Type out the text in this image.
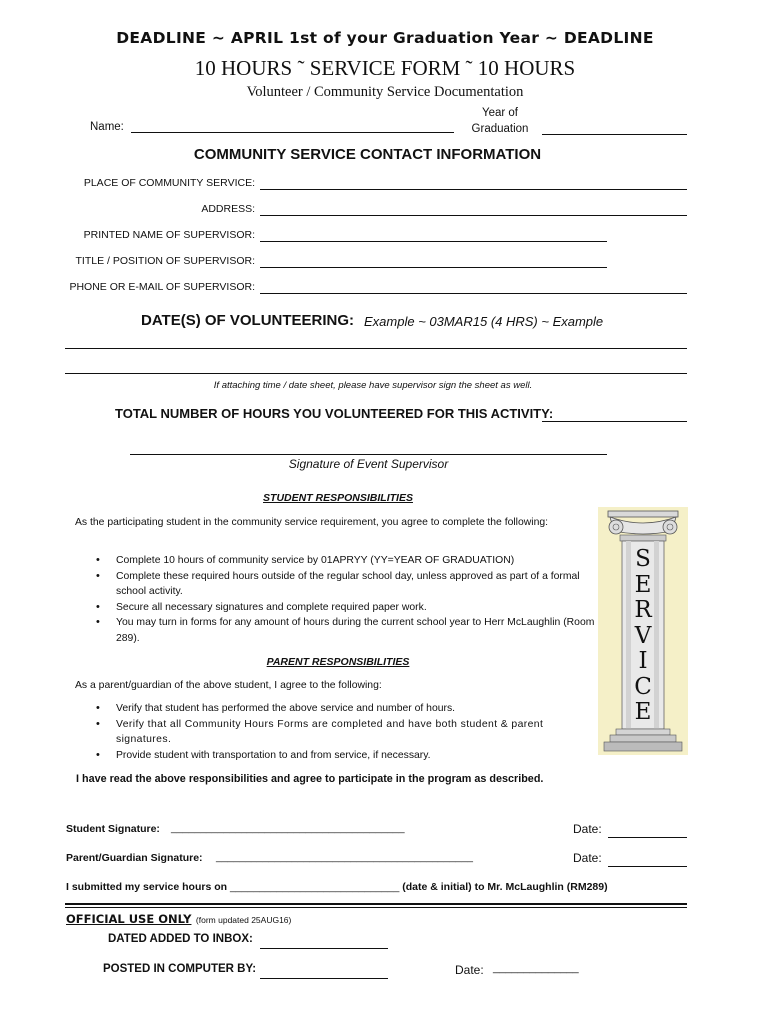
DEADLINE ~ APRIL 1st of your Graduation Year ~ DEADLINE
10 HOURS ˜ SERVICE FORM ˜ 10 HOURS
Volunteer / Community Service Documentation
Name:
Year of
Graduation
COMMUNITY SERVICE CONTACT INFORMATION
PLACE OF COMMUNITY SERVICE:
ADDRESS:
PRINTED NAME OF SUPERVISOR:
TITLE / POSITION OF SUPERVISOR:
PHONE OR E-MAIL OF SUPERVISOR:
DATE(S) OF VOLUNTEERING: Example ~ 03MAR15 (4 HRS) ~ Example
If attaching time / date sheet, please have supervisor sign the sheet as well.
TOTAL NUMBER OF HOURS YOU VOLUNTEERED FOR THIS ACTIVITY:
Signature of Event Supervisor
STUDENT RESPONSIBILITIES
As the participating student in the community service requirement, you agree to complete the following:
• Complete 10 hours of community service by 01APRYY (YY=YEAR OF GRADUATION)
• Complete these required hours outside of the regular school day, unless approved as part of a formal school activity.
• Secure all necessary signatures and complete required paper work.
• You may turn in forms for any amount of hours during the current school year to Herr McLaughlin (Room 289).
PARENT RESPONSIBILITIES
As a parent/guardian of the above student, I agree to the following:
• Verify that student has performed the above service and number of hours.
• Verify that all Community Hours Forms are completed and have both student & parent signatures.
• Provide student with transportation to and from service, if necessary.
I have read the above responsibilities and agree to participate in the program as described.
S
E
R
V
I
C
E
Student Signature: ________________________________________	Date:
Parent/Guardian Signature: ____________________________________________	Date:
I submitted my service hours on _____________________________ (date & initial) to Mr. McLaughlin (RM289)
OFFICIAL USE ONLY (form updated 25AUG16)
DATED ADDED TO INBOX:
POSTED IN COMPUTER BY:	Date: ______________
